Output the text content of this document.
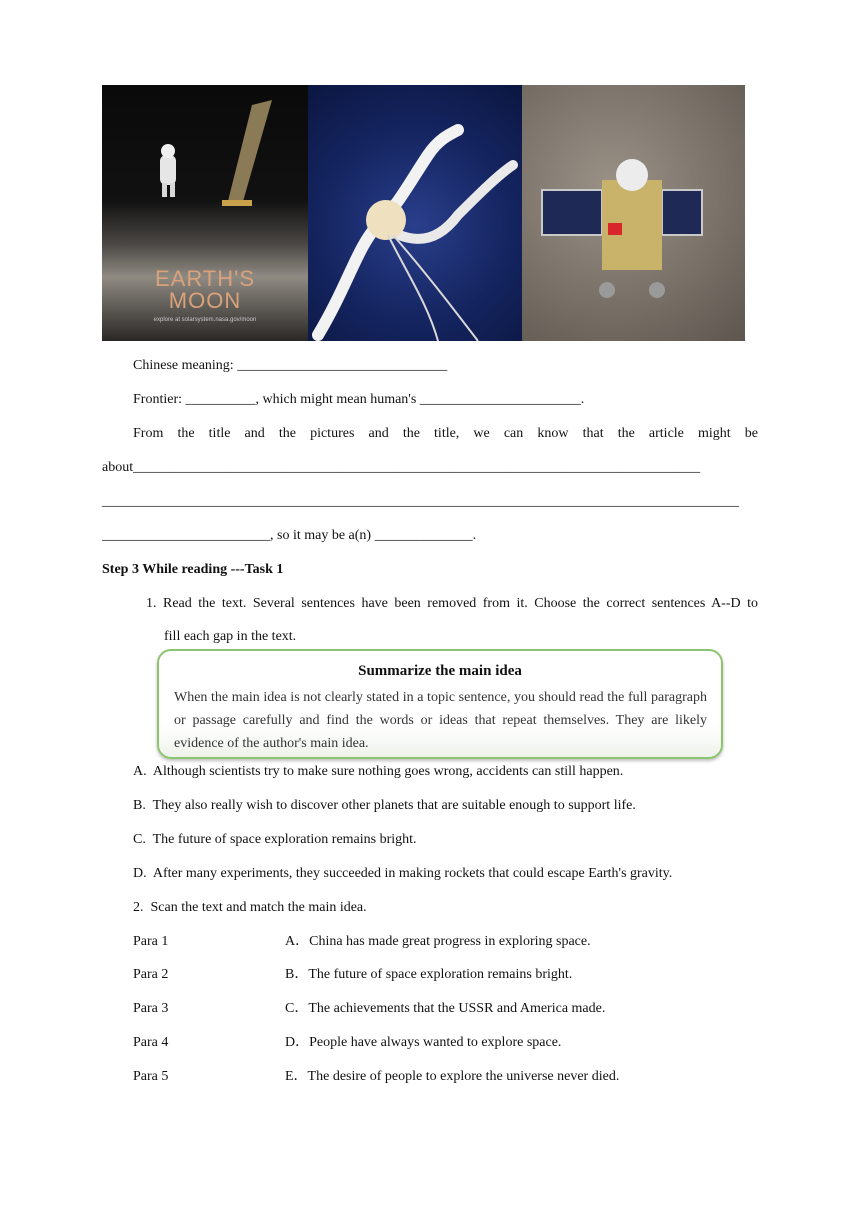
EARTH'S
MOON
explore at solarsystem.nasa.gov/moon
Chinese meaning: ______________________________
Frontier: __________, which might mean human's _______________________.
From the title and the pictures and the title, we can know that the article might be
about_________________________________________________________________________________
___________________________________________________________________________________________
________________________, so it may be a(n) ______________.
Step 3 While reading ---Task 1
1. Read the text. Several sentences have been removed from it. Choose the correct sentences A--D to
fill each gap in the text.
Summarize the main idea
When the main idea is not clearly stated in a topic sentence, you should read the full paragraph or passage carefully and find the words or ideas that repeat themselves. They are likely evidence of the author's main idea.
A.  Although scientists try to make sure nothing goes wrong, accidents can still happen.
B.  They also really wish to discover other planets that are suitable enough to support life.
C.  The future of space exploration remains bright.
D.  After many experiments, they succeeded in making rockets that could escape Earth's gravity.
2.  Scan the text and match the main idea.
Para 1	A．China has made great progress in exploring space.
Para 2	B．The future of space exploration remains bright.
Para 3	C．The achievements that the USSR and America made.
Para 4	D．People have always wanted to explore space.
Para 5	E．The desire of people to explore the universe never died.
